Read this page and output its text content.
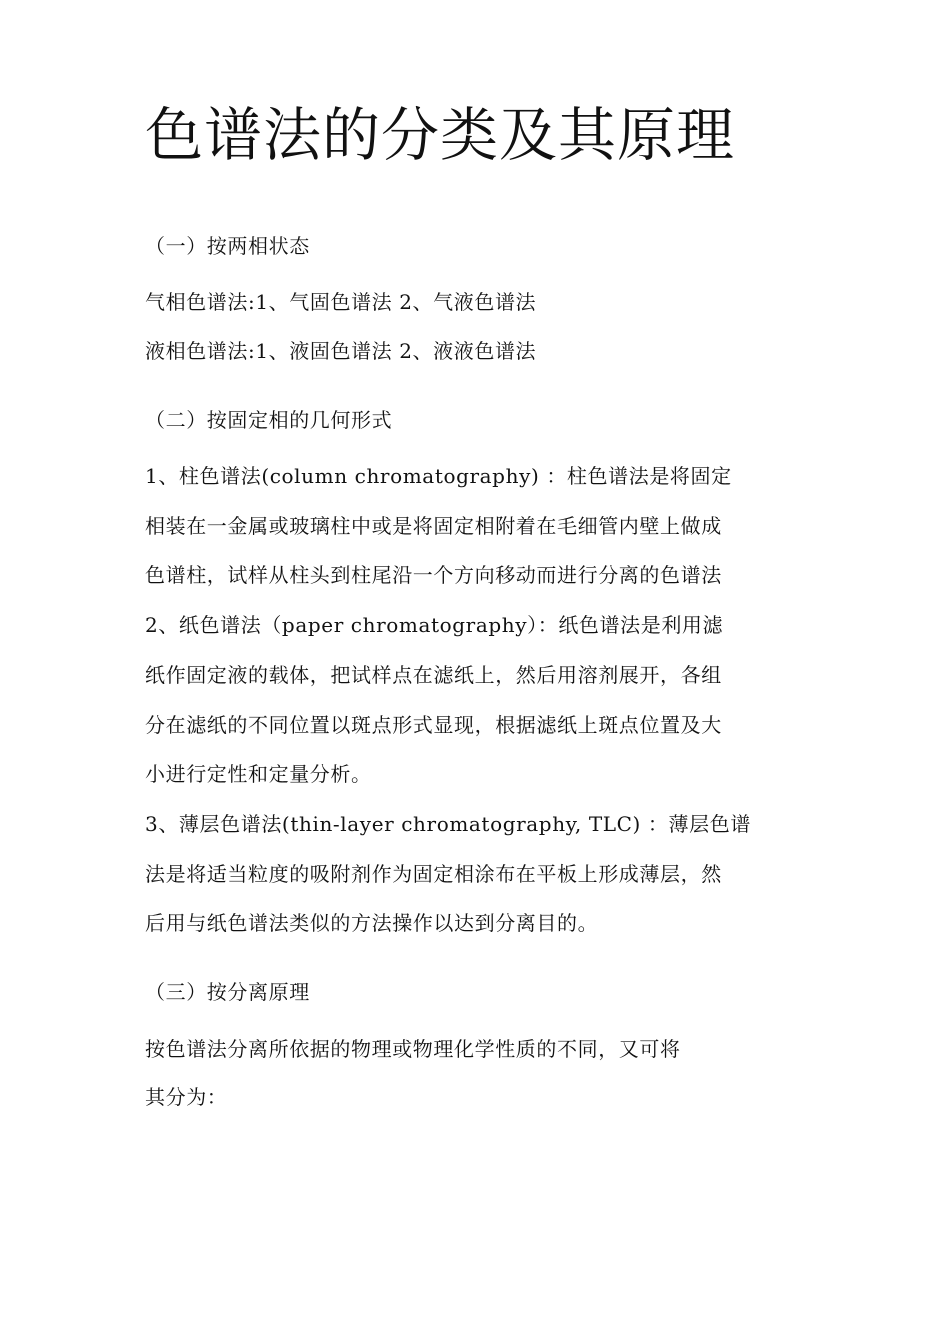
色谱法的分类及其原理
（一）按两相状态
气相色谱法:1、气固色谱法 2、气液色谱法
液相色谱法:1、液固色谱法 2、液液色谱法
（二）按固定相的几何形式
1、柱色谱法(column chromatography) ：柱色谱法是将固定
相装在一金属或玻璃柱中或是将固定相附着在毛细管内壁上做成
色谱柱，试样从柱头到柱尾沿一个方向移动而进行分离的色谱法
2、纸色谱法（paper chromatography）：纸色谱法是利用滤
纸作固定液的载体，把试样点在滤纸上，然后用溶剂展开，各组
分在滤纸的不同位置以斑点形式显现，根据滤纸上斑点位置及大
小进行定性和定量分析。
3、薄层色谱法(thin-layer chromatography, TLC) ：薄层色谱
法是将适当粒度的吸附剂作为固定相涂布在平板上形成薄层，然
后用与纸色谱法类似的方法操作以达到分离目的。
（三）按分离原理
按色谱法分离所依据的物理或物理化学性质的不同，又可将
其分为：
